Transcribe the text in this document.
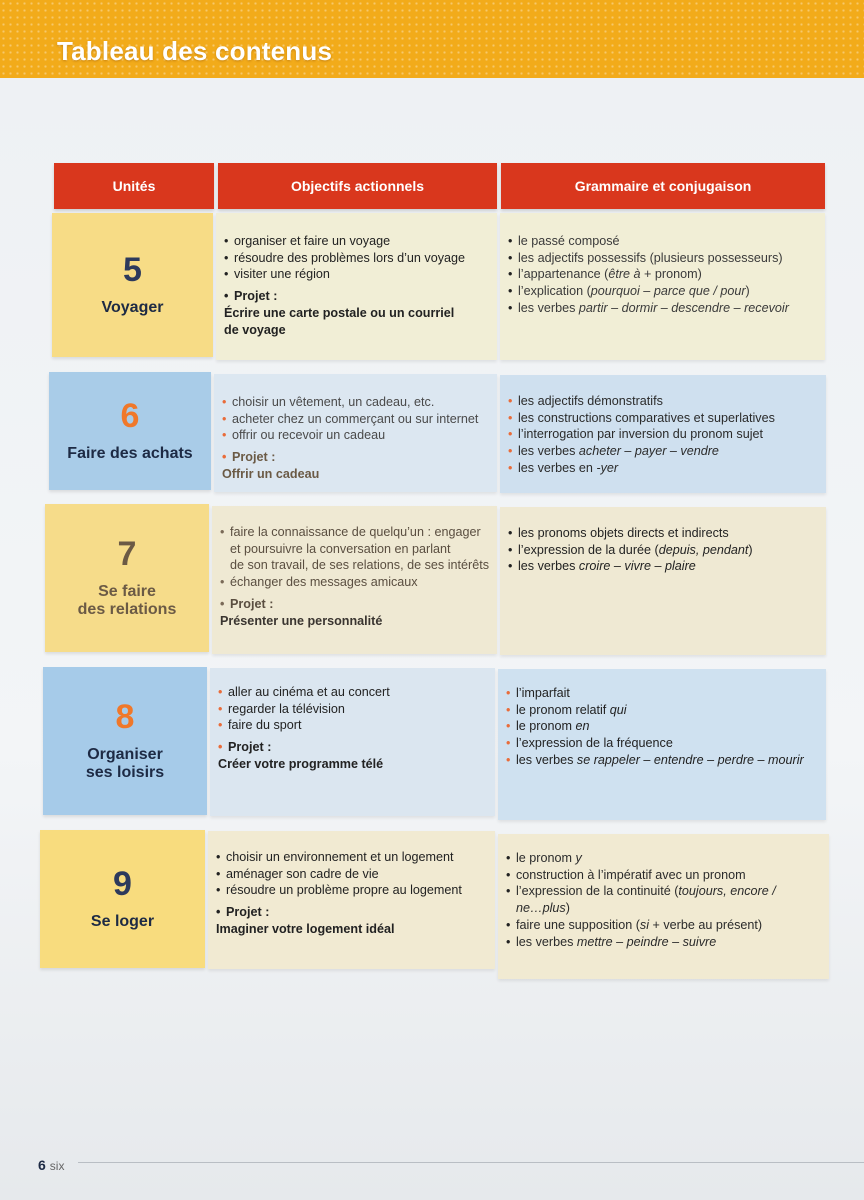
Tableau des contenus
Unités	Objectifs actionnels	Grammaire et conjugaison
5
Voyager
• organiser et faire un voyage
• résoudre des problèmes lors d’un voyage
• visiter une région
• Projet :
Écrire une carte postale ou un courriel
de voyage
• le passé composé
• les adjectifs possessifs (plusieurs possesseurs)
• l’appartenance (être à + pronom)
• l’explication (pourquoi – parce que / pour)
• les verbes partir – dormir – descendre – recevoir
6
Faire des achats
• choisir un vêtement, un cadeau, etc.
• acheter chez un commerçant ou sur internet
• offrir ou recevoir un cadeau
• Projet :
Offrir un cadeau
• les adjectifs démonstratifs
• les constructions comparatives et superlatives
• l’interrogation par inversion du pronom sujet
• les verbes acheter – payer – vendre
• les verbes en -yer
7
Se faire
des relations
• faire la connaissance de quelqu’un : engager
et poursuivre la conversation en parlant
de son travail, de ses relations, de ses intérêts
• échanger des messages amicaux
• Projet :
Présenter une personnalité
• les pronoms objets directs et indirects
• l’expression de la durée (depuis, pendant)
• les verbes croire – vivre – plaire
8
Organiser
ses loisirs
• aller au cinéma et au concert
• regarder la télévision
• faire du sport
• Projet :
Créer votre programme télé
• l’imparfait
• le pronom relatif qui
• le pronom en
• l’expression de la fréquence
• les verbes se rappeler – entendre – perdre – mourir
9
Se loger
• choisir un environnement et un logement
• aménager son cadre de vie
• résoudre un problème propre au logement
• Projet :
Imaginer votre logement idéal
• le pronom y
• construction à l’impératif avec un pronom
• l’expression de la continuité (toujours, encore /
ne…plus)
• faire une supposition (si + verbe au présent)
• les verbes mettre – peindre – suivre
6 six
